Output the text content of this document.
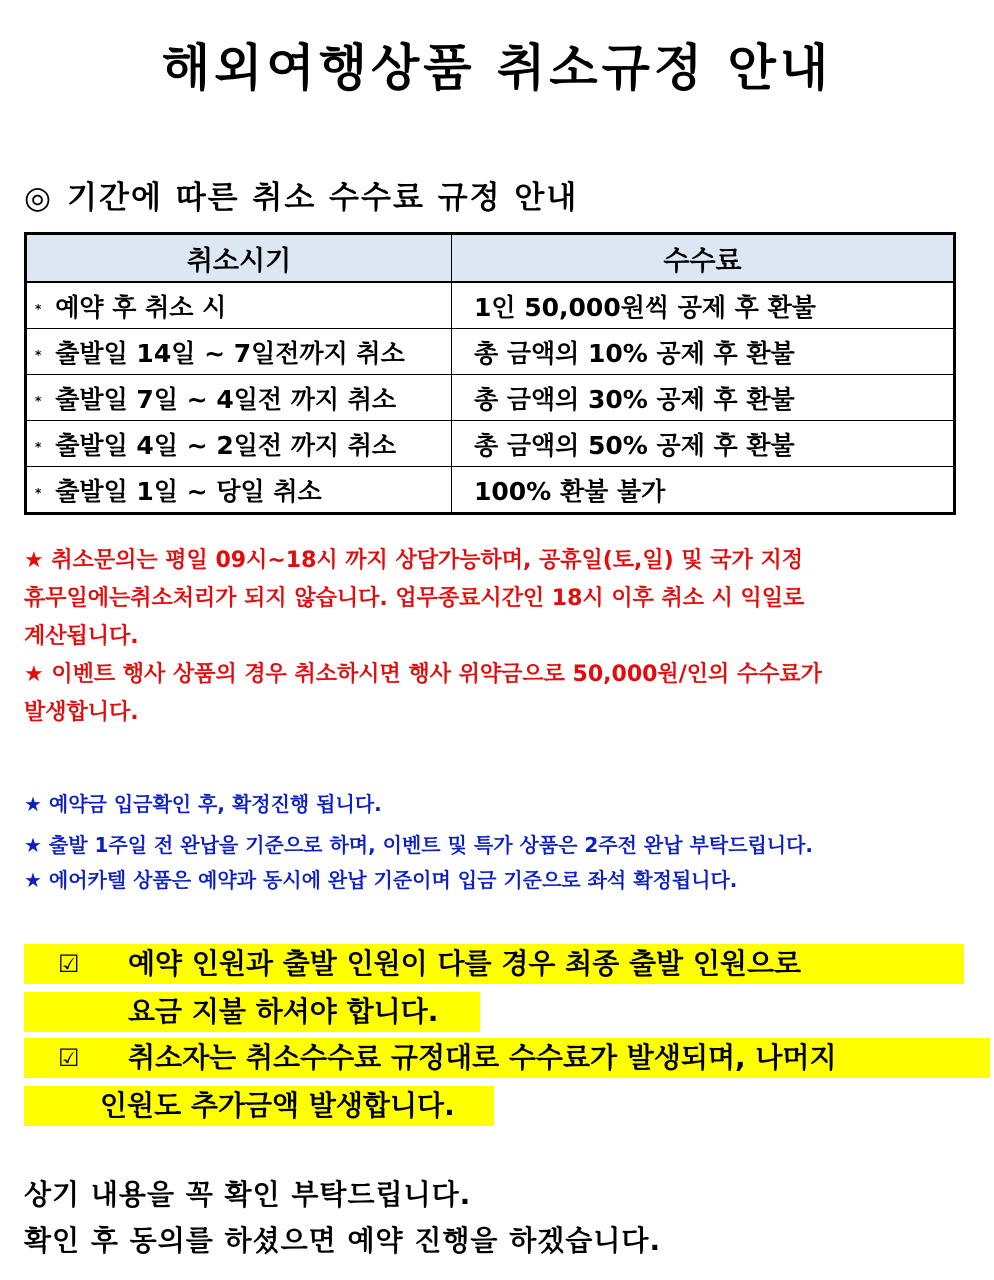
해외여행상품 취소규정 안내
◎ 기간에 따른 취소 수수료 규정 안내
취소시기	수수료
* 예약 후 취소 시	1인 50,000원씩 공제 후 환불
* 출발일 14일 ~ 7일전까지 취소	총 금액의 10% 공제 후 환불
* 출발일 7일 ~ 4일전 까지 취소	총 금액의 30% 공제 후 환불
* 출발일 4일 ~ 2일전 까지 취소	총 금액의 50% 공제 후 환불
* 출발일 1일 ~ 당일 취소	100% 환불 불가
★ 취소문의는 평일 09시~18시 까지 상담가능하며, 공휴일(토,일) 및 국가 지정
휴무일에는취소처리가 되지 않습니다. 업무종료시간인 18시 이후 취소 시 익일로
계산됩니다.
★ 이벤트 행사 상품의 경우 취소하시면 행사 위약금으로 50,000원/인의 수수료가
발생합니다.
★ 예약금 입금확인 후, 확정진행 됩니다.
★ 출발 1주일 전 완납을 기준으로 하며, 이벤트 및 특가 상품은 2주전 완납 부탁드립니다.
★ 에어카텔 상품은 예약과 동시에 완납 기준이며 입금 기준으로 좌석 확정됩니다.
☑ 예약 인원과 출발 인원이 다를 경우 최종 출발 인원으로
요금 지불 하셔야 합니다.
☑ 취소자는 취소수수료 규정대로 수수료가 발생되며, 나머지
인원도 추가금액 발생합니다.

상기 내용을 꼭 확인 부탁드립니다.

확인 후 동의를 하셨으면 예약 진행을 하겠습니다.
